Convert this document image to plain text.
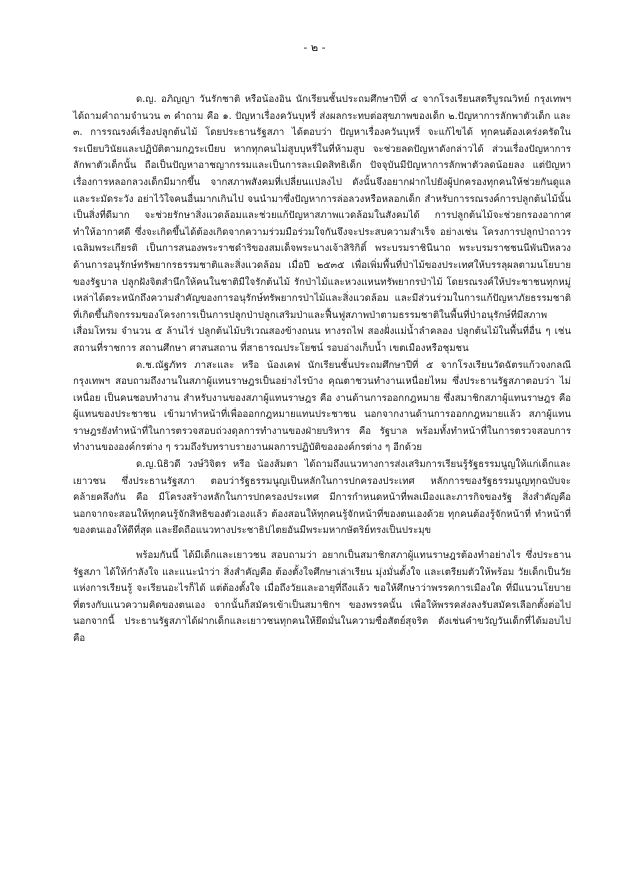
- ๒ -

ด.ญ. อภิญญา วันรักชาติ หรือน้องอิน นักเรียนชั้นประถมศึกษาปีที่ ๔ จากโรงเรียนสตรีบูรณวิทย์ กรุงเทพฯ ได้ถามคำถามจำนวน ๓ คำถาม คือ ๑. ปัญหาเรื่องควันบุหรี่ ส่งผลกระทบต่อสุขภาพของเด็ก ๒.ปัญหาการลักพาตัวเด็ก และ ๓. การรณรงค์เรื่องปลูกต้นไม้ โดยประธานรัฐสภา ได้ตอบว่า ปัญหาเรื่องควันบุหรี่ จะแก้ไขได้ ทุกคนต้องเคร่งครัดในระเบียบวินัยและปฏิบัติตามกฎระเบียบ หากทุกคนไม่สูบบุหรี่ในที่ห้ามสูบ จะช่วยลดปัญหาดังกล่าวได้ ส่วนเรื่องปัญหาการลักพาตัวเด็กนั้น ถือเป็นปัญหาอาชญากรรมและเป็นการละเมิดสิทธิเด็ก ปัจจุบันมีปัญหาการลักพาตัวลดน้อยลง แต่ปัญหาเรื่องการหลอกลวงเด็กมีมากขึ้น จากสภาพสังคมที่เปลี่ยนแปลงไป ดังนั้นจึงอยากฝากไปยังผู้ปกครองทุกคนให้ช่วยกันดูแลและระมัดระวัง อย่าไว้ใจคนอื่นมากเกินไป จนนำมาซึ่งปัญหาการล่อลวงหรือหลอกเด็ก สำหรับการรณรงค์การปลูกต้นไม้นั้น เป็นสิ่งที่ดีมาก จะช่วยรักษาสิ่งแวดล้อมและช่วยแก้ปัญหาสภาพแวดล้อมในสังคมได้ การปลูกต้นไม้จะช่วยกรองอากาศ ทำให้อากาศดี ซึ่งจะเกิดขึ้นได้ต้องเกิดจากความร่วมมือร่วมใจกันจึงจะประสบความสำเร็จ อย่างเช่น โครงการปลูกป่าถาวรเฉลิมพระเกียรติ เป็นการสนองพระราชดำริของสมเด็จพระนางเจ้าสิริกิติ์ พระบรมราชินีนาถ พระบรมราชชนนีพันปีหลวง ด้านการอนุรักษ์ทรัพยากรธรรมชาติและสิ่งแวดล้อม เมื่อปี ๒๕๓๕ เพื่อเพิ่มพื้นที่ป่าไม้ของประเทศให้บรรลุผลตามนโยบายของรัฐบาล ปลูกฝังจิตสำนึกให้คนในชาติมีใจรักต้นไม้ รักป่าไม้และหวงแหนทรัพยากรป่าไม้ โดยรณรงค์ให้ประชาชนทุกหมู่เหล่าได้ตระหนักถึงความสำคัญของการอนุรักษ์ทรัพยากรป่าไม้และสิ่งแวดล้อม และมีส่วนร่วมในการแก้ปัญหาภัยธรรมชาติที่เกิดขึ้นกิจกรรมของโครงการเป็นการปลูกป่าปลูกเสริมป่าและฟื้นฟูสภาพป่าตามธรรมชาติในพื้นที่ป่าอนุรักษ์ที่มีสภาพเสื่อมโทรม จำนวน ๕ ล้านไร่ ปลูกต้นไม้บริเวณสองข้างถนน ทางรถไฟ สองฝั่งแม่น้ำลำคลอง ปลูกต้นไม้ในพื้นที่อื่น ๆ เช่น สถานที่ราชการ สถานศึกษา ศาสนสถาน ที่สาธารณประโยชน์ รอบอ่างเก็บน้ำ เขตเมืองหรือชุมชน

ด.ช.ณัฐภัทร ภาสะและ หรือ น้องเคฟ นักเรียนชั้นประถมศึกษาปีที่ ๕ จากโรงเรียนวัดฉัตรแก้วจงกลณี กรุงเทพฯ สอบถามถึงงานในสภาผู้แทนราษฎรเป็นอย่างไรบ้าง คุณตาชวนทำงานเหนื่อยไหม ซึ่งประธานรัฐสภาตอบว่า ไม่เหนื่อย เป็นคนชอบทำงาน สำหรับงานของสภาผู้แทนราษฎร คือ งานด้านการออกกฎหมาย ซึ่งสมาชิกสภาผู้แทนราษฎร คือผู้แทนของประชาชน เข้ามาทำหน้าที่เพื่อออกกฎหมายแทนประชาชน นอกจากงานด้านการออกกฎหมายแล้ว สภาผู้แทนราษฎรยังทำหน้าที่ในการตรวจสอบถ่วงดุลการทำงานของฝ่ายบริหาร คือ รัฐบาล พร้อมทั้งทำหน้าที่ในการตรวจสอบการทำงานขององค์กรต่าง ๆ รวมถึงรับทราบรายงานผลการปฏิบัติขององค์กรต่าง ๆ อีกด้วย

ด.ญ.นิธิวดี วงษ์วิจิตร หรือ น้องส้มตา ได้ถามถึงแนวทางการส่งเสริมการเรียนรู้รัฐธรรมนูญให้แก่เด็กและเยาวชน ซึ่งประธานรัฐสภา ตอบว่ารัฐธรรมนูญเป็นหลักในการปกครองประเทศ หลักการของรัฐธรรมนูญทุกฉบับจะคล้ายคลึงกัน คือ มีโครงสร้างหลักในการปกครองประเทศ มีการกำหนดหน้าที่พลเมืองและภารกิจของรัฐ สิ่งสำคัญคือ นอกจากจะสอนให้ทุกคนรู้จักสิทธิของตัวเองแล้ว ต้องสอนให้ทุกคนรู้จักหน้าที่ของตนเองด้วย ทุกคนต้องรู้จักหน้าที่ ทำหน้าที่ของตนเองให้ดีที่สุด และยึดถือแนวทางประชาธิปไตยอันมีพระมหากษัตริย์ทรงเป็นประมุข

พร้อมกันนี้ ได้มีเด็กและเยาวชน สอบถามว่า อยากเป็นสมาชิกสภาผู้แทนราษฎรต้องทำอย่างไร ซึ่งประธานรัฐสภา ได้ให้กำลังใจ และแนะนำว่า สิ่งสำคัญคือ ต้องตั้งใจศึกษาเล่าเรียน มุ่งมั่นตั้งใจ และเตรียมตัวให้พร้อม วัยเด็กเป็นวัยแห่งการเรียนรู้ จะเรียนอะไรก็ได้ แต่ต้องตั้งใจ เมื่อถึงวัยและอายุที่ถึงแล้ว ขอให้ศึกษาว่าพรรคการเมืองใด ที่มีแนวนโยบายที่ตรงกับแนวความคิดของตนเอง จากนั้นก็สมัครเข้าเป็นสมาชิกฯ ของพรรคนั้น เพื่อให้พรรคส่งลงรับสมัครเลือกตั้งต่อไป นอกจากนี้ ประธานรัฐสภาได้ฝากเด็กและเยาวชนทุกคนให้ยึดมั่นในความซื่อสัตย์สุจริต ดังเช่นคำขวัญวันเด็กที่ได้มอบไป คือ
